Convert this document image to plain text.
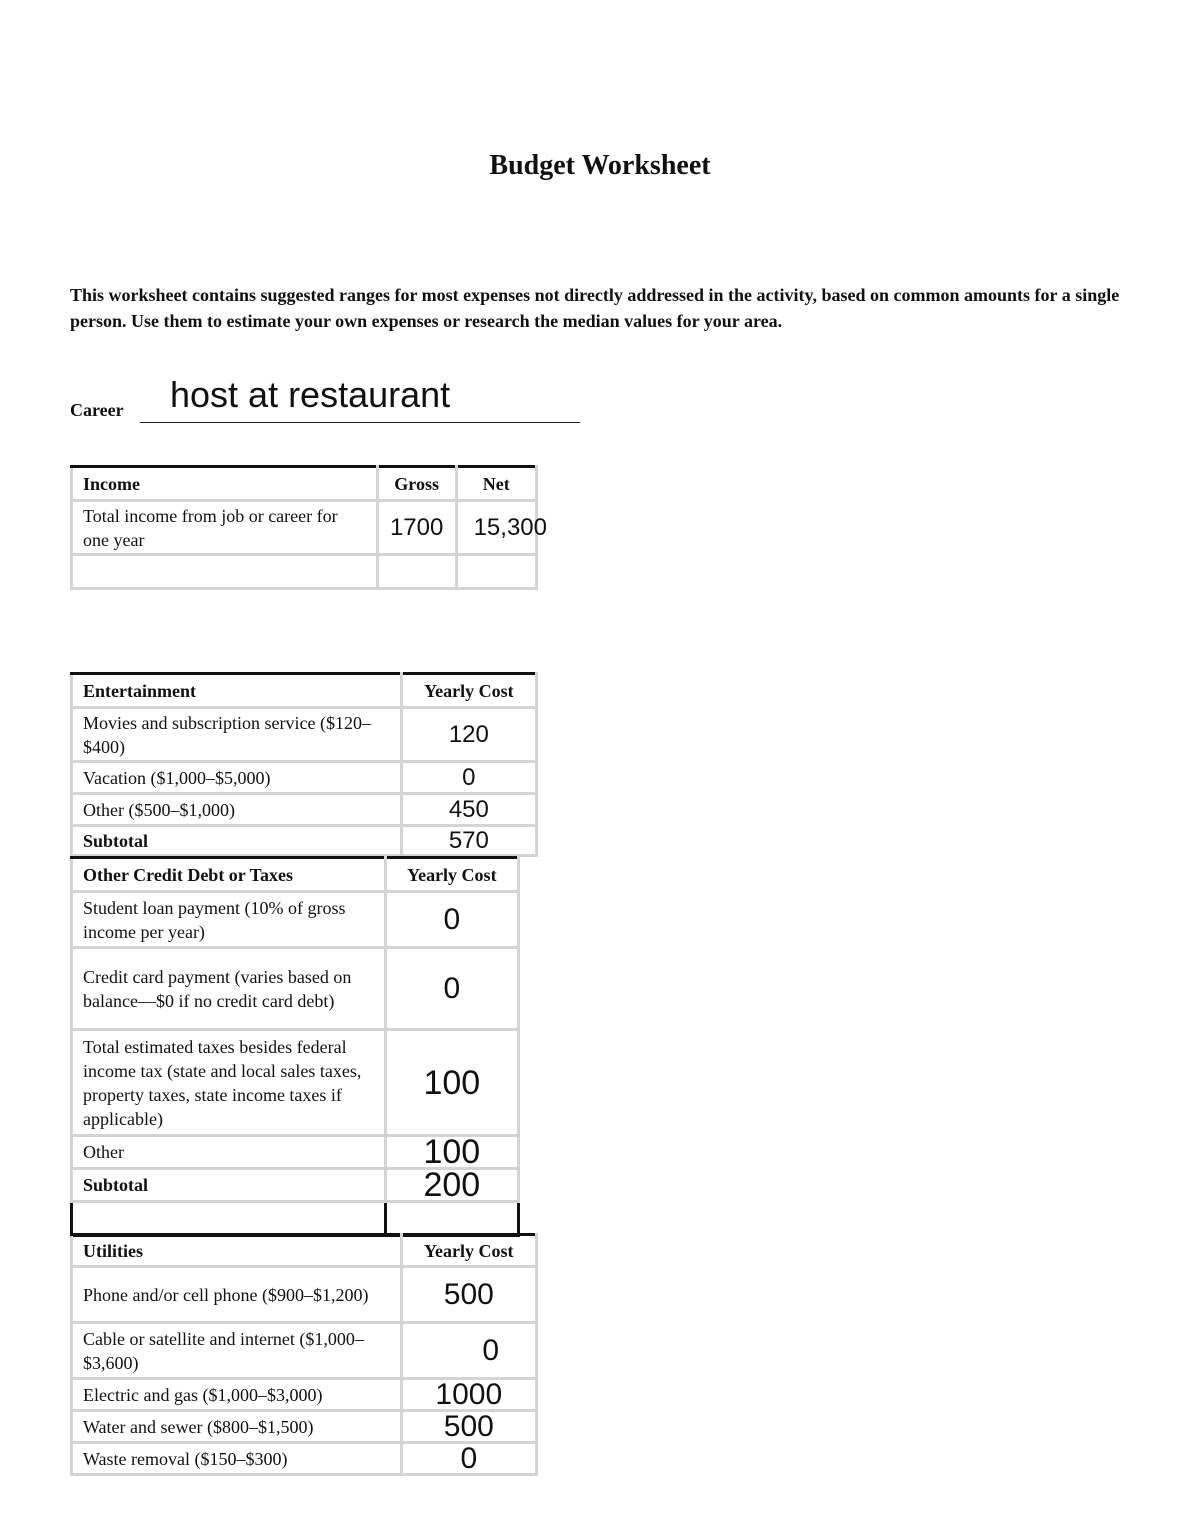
Budget Worksheet
This worksheet contains suggested ranges for most expenses not directly addressed in the activity, based on common amounts for a single person. Use them to estimate your own expenses or research the median values for your area.
Career host at restaurant
Income	Gross	Net
Total income from job or career for one year	1700	15,300

Entertainment	Yearly Cost
Movies and subscription service ($120–$400)	120
Vacation ($1,000–$5,000)	0
Other ($500–$1,000)	450
Subtotal	570
Other Credit Debt or Taxes	Yearly Cost
Student loan payment (10% of gross income per year)	0
Credit card payment (varies based on balance—$0 if no credit card debt)	0
Total estimated taxes besides federal income tax (state and local sales taxes, property taxes, state income taxes if applicable)	100
Other	100
Subtotal	200

Utilities	Yearly Cost
Phone and/or cell phone ($900–$1,200)	500
Cable or satellite and internet ($1,000–$3,600)	0
Electric and gas ($1,000–$3,000)	1000
Water and sewer ($800–$1,500)	500
Waste removal ($150–$300)	0
